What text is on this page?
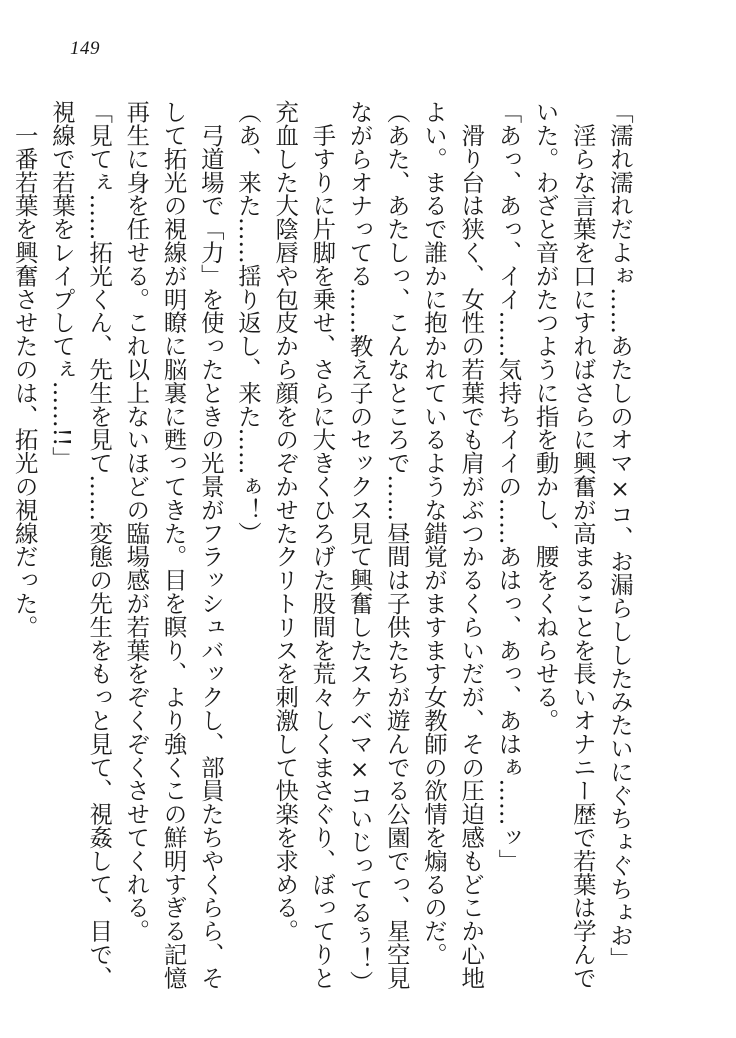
149
「濡れ濡れだよぉ……あたしのオマ×コ、お漏らししたみたいにぐちょぐちょお」
　淫らな言葉を口にすればさらに興奮が高まることを長いオナニー歴で若葉は学んで
いた。わざと音がたつように指を動かし、腰をくねらせる。
「あっ、あっ、イイ……気持ちイイの……あはっ、あっ、あはぁ……ッ」
　滑り台は狭く、女性の若葉でも肩がぶつかるくらいだが、その圧迫感もどこか心地
よい。まるで誰かに抱かれているような錯覚がますます女教師の欲情を煽るのだ。
（あた、あたしっ、こんなところで……昼間は子供たちが遊んでる公園でっ、星空見
ながらオナってる……教え子のセックス見て興奮したスケベマ×コいじってるぅ！）
　手すりに片脚を乗せ、さらに大きくひろげた股間を荒々しくまさぐり、ぼってりと
充血した大陰唇や包皮から顔をのぞかせたクリトリスを刺激して快楽を求める。
（あ、来た……揺り返し、来た……ぁ！）
　弓道場で「力」を使ったときの光景がフラッシュバックし、部員たちやくらら、そ
して拓光の視線が明瞭に脳裏に甦ってきた。目を瞑り、より強くこの鮮明すぎる記憶
再生に身を任せる。これ以上ないほどの臨場感が若葉をぞくぞくさせてくれる。
「見てぇ……拓光くん、先生を見て……変態の先生をもっと見て、視姦して、目で、
視線で若葉をレイプしてぇ……!!」
　一番若葉を興奮させたのは、拓光の視線だった。
